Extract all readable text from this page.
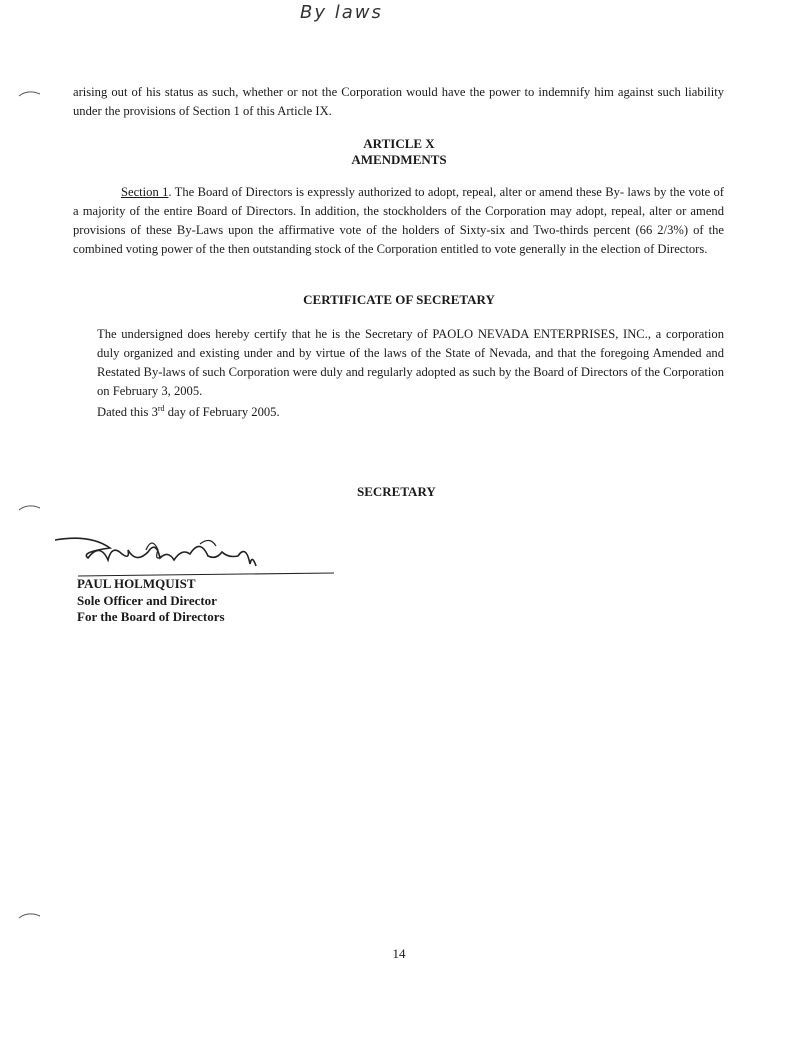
By laws

arising out of his status as such, whether or not the Corporation would have the power to indemnify him against such liability under the provisions of Section 1 of this Article IX.

ARTICLE X
AMENDMENTS

Section 1. The Board of Directors is expressly authorized to adopt, repeal, alter or amend these By- laws by the vote of a majority of the entire Board of Directors. In addition, the stockholders of the Corporation may adopt, repeal, alter or amend provisions of these By-Laws upon the affirmative vote of the holders of Sixty-six and Two-thirds percent (66 2/3%) of the combined voting power of the then outstanding stock of the Corporation entitled to vote generally in the election of Directors.

CERTIFICATE OF SECRETARY

The undersigned does hereby certify that he is the Secretary of PAOLO NEVADA ENTERPRISES, INC., a corporation duly organized and existing under and by virtue of the laws of the State of Nevada, and that the foregoing Amended and Restated By-laws of such Corporation were duly and regularly adopted as such by the Board of Directors of the Corporation on February 3, 2005.

Dated this 3rd day of February 2005.
SECRETARY
PAUL HOLMQUIST
Sole Officer and Director
For the Board of Directors
14
